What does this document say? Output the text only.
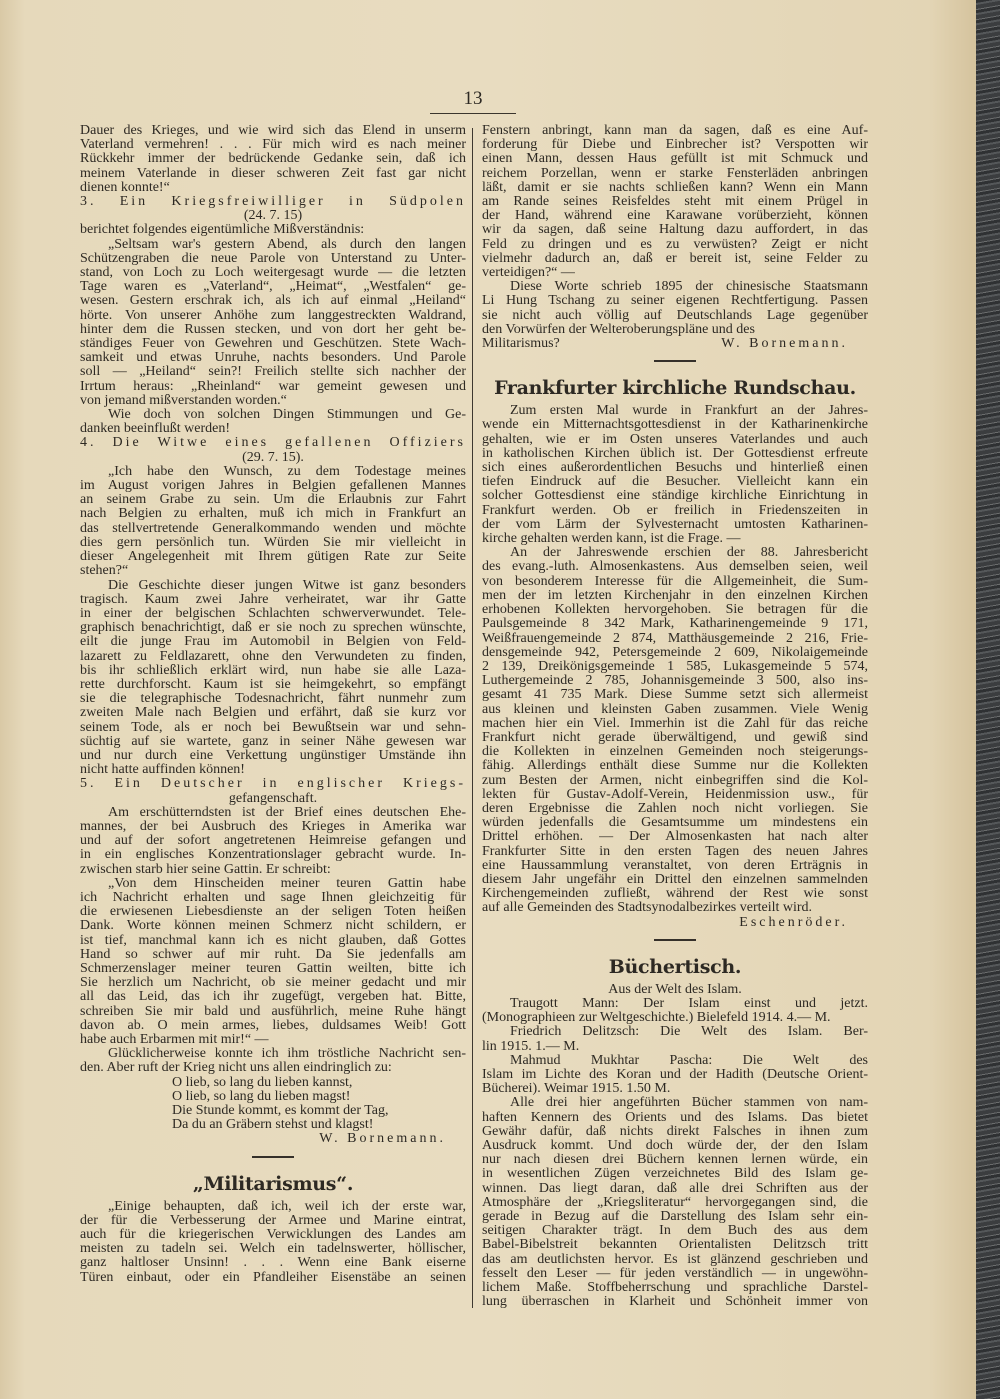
13
Dauer des Krieges, und wie wird sich das Elend in unserm
Vaterland vermehren! . . . Für mich wird es nach meiner
Rückkehr immer der bedrückende Gedanke sein, daß ich
meinem Vaterlande in dieser schweren Zeit fast gar nicht
dienen konnte!“
3. Ein Kriegsfreiwilliger in Südpolen
(24. 7. 15)
berichtet folgendes eigentümliche Mißverständnis:
„Seltsam war's gestern Abend, als durch den langen
Schützengraben die neue Parole von Unterstand zu Unter-
stand, von Loch zu Loch weitergesagt wurde — die letzten
Tage waren es „Vaterland“, „Heimat“, „Westfalen“ ge-
wesen. Gestern erschrak ich, als ich auf einmal „Heiland“
hörte. Von unserer Anhöhe zum langgestreckten Waldrand,
hinter dem die Russen stecken, und von dort her geht be-
ständiges Feuer von Gewehren und Geschützen. Stete Wach-
samkeit und etwas Unruhe, nachts besonders. Und Parole
soll — „Heiland“ sein?! Freilich stellte sich nachher der
Irrtum heraus: „Rheinland“ war gemeint gewesen und
von jemand mißverstanden worden.“
Wie doch von solchen Dingen Stimmungen und Ge-
danken beeinflußt werden!
4. Die Witwe eines gefallenen Offiziers
(29. 7. 15).
„Ich habe den Wunsch, zu dem Todestage meines
im August vorigen Jahres in Belgien gefallenen Mannes
an seinem Grabe zu sein. Um die Erlaubnis zur Fahrt
nach Belgien zu erhalten, muß ich mich in Frankfurt an
das stellvertretende Generalkommando wenden und möchte
dies gern persönlich tun. Würden Sie mir vielleicht in
dieser Angelegenheit mit Ihrem gütigen Rate zur Seite
stehen?“
Die Geschichte dieser jungen Witwe ist ganz besonders
tragisch. Kaum zwei Jahre verheiratet, war ihr Gatte
in einer der belgischen Schlachten schwerverwundet. Tele-
graphisch benachrichtigt, daß er sie noch zu sprechen wünschte,
eilt die junge Frau im Automobil in Belgien von Feld-
lazarett zu Feldlazarett, ohne den Verwundeten zu finden,
bis ihr schließlich erklärt wird, nun habe sie alle Laza-
rette durchforscht. Kaum ist sie heimgekehrt, so empfängt
sie die telegraphische Todesnachricht, fährt nunmehr zum
zweiten Male nach Belgien und erfährt, daß sie kurz vor
seinem Tode, als er noch bei Bewußtsein war und sehn-
süchtig auf sie wartete, ganz in seiner Nähe gewesen war
und nur durch eine Verkettung ungünstiger Umstände ihn
nicht hatte auffinden können!
5. Ein Deutscher in englischer Kriegs-
gefangenschaft.
Am erschütterndsten ist der Brief eines deutschen Ehe-
mannes, der bei Ausbruch des Krieges in Amerika war
und auf der sofort angetretenen Heimreise gefangen und
in ein englisches Konzentrationslager gebracht wurde. In-
zwischen starb hier seine Gattin. Er schreibt:
„Von dem Hinscheiden meiner teuren Gattin habe
ich Nachricht erhalten und sage Ihnen gleichzeitig für
die erwiesenen Liebesdienste an der seligen Toten heißen
Dank. Worte können meinen Schmerz nicht schildern, er
ist tief, manchmal kann ich es nicht glauben, daß Gottes
Hand so schwer auf mir ruht. Da Sie jedenfalls am
Schmerzenslager meiner teuren Gattin weilten, bitte ich
Sie herzlich um Nachricht, ob sie meiner gedacht und mir
all das Leid, das ich ihr zugefügt, vergeben hat. Bitte,
schreiben Sie mir bald und ausführlich, meine Ruhe hängt
davon ab. O mein armes, liebes, duldsames Weib! Gott
habe auch Erbarmen mit mir!“ —
Glücklicherweise konnte ich ihm tröstliche Nachricht sen-
den. Aber ruft der Krieg nicht uns allen eindringlich zu:
O lieb, so lang du lieben kannst,
O lieb, so lang du lieben magst!
Die Stunde kommt, es kommt der Tag,
Da du an Gräbern stehst und klagst!
W. Bornemann.
„Militarismus“.
„Einige behaupten, daß ich, weil ich der erste war,
der für die Verbesserung der Armee und Marine eintrat,
auch für die kriegerischen Verwicklungen des Landes am
meisten zu tadeln sei. Welch ein tadelnswerter, höllischer,
ganz haltloser Unsinn! . . . Wenn eine Bank eiserne
Türen einbaut, oder ein Pfandleiher Eisenstäbe an seinen
Fenstern anbringt, kann man da sagen, daß es eine Auf-
forderung für Diebe und Einbrecher ist? Verspotten wir
einen Mann, dessen Haus gefüllt ist mit Schmuck und
reichem Porzellan, wenn er starke Fensterläden anbringen
läßt, damit er sie nachts schließen kann? Wenn ein Mann
am Rande seines Reisfeldes steht mit einem Prügel in
der Hand, während eine Karawane vorüberzieht, können
wir da sagen, daß seine Haltung dazu auffordert, in das
Feld zu dringen und es zu verwüsten? Zeigt er nicht
vielmehr dadurch an, daß er bereit ist, seine Felder zu
verteidigen?“ —
Diese Worte schrieb 1895 der chinesische Staatsmann
Li Hung Tschang zu seiner eigenen Rechtfertigung. Passen
sie nicht auch völlig auf Deutschlands Lage gegenüber
den Vorwürfen der Welteroberungspläne und des
Militarismus?	W. Bornemann.
Frankfurter kirchliche Rundschau.
Zum ersten Mal wurde in Frankfurt an der Jahres-
wende ein Mitternachtsgottesdienst in der Katharinenkirche
gehalten, wie er im Osten unseres Vaterlandes und auch
in katholischen Kirchen üblich ist. Der Gottesdienst erfreute
sich eines außerordentlichen Besuchs und hinterließ einen
tiefen Eindruck auf die Besucher. Vielleicht kann ein
solcher Gottesdienst eine ständige kirchliche Einrichtung in
Frankfurt werden. Ob er freilich in Friedenszeiten in
der vom Lärm der Sylvesternacht umtosten Katharinen-
kirche gehalten werden kann, ist die Frage. —
An der Jahreswende erschien der 88. Jahresbericht
des evang.-luth. Almosenkastens. Aus demselben seien, weil
von besonderem Interesse für die Allgemeinheit, die Sum-
men der im letzten Kirchenjahr in den einzelnen Kirchen
erhobenen Kollekten hervorgehoben. Sie betragen für die
Paulsgemeinde 8 342 Mark, Katharinengemeinde 9 171,
Weißfrauengemeinde 2 874, Matthäusgemeinde 2 216, Frie-
densgemeinde 942, Petersgemeinde 2 609, Nikolaigemeinde
2 139, Dreikönigsgemeinde 1 585, Lukasgemeinde 5 574,
Luthergemeinde 2 785, Johannisgemeinde 3 500, also ins-
gesamt 41 735 Mark. Diese Summe setzt sich allermeist
aus kleinen und kleinsten Gaben zusammen. Viele Wenig
machen hier ein Viel. Immerhin ist die Zahl für das reiche
Frankfurt nicht gerade überwältigend, und gewiß sind
die Kollekten in einzelnen Gemeinden noch steigerungs-
fähig. Allerdings enthält diese Summe nur die Kollekten
zum Besten der Armen, nicht einbegriffen sind die Kol-
lekten für Gustav-Adolf-Verein, Heidenmission usw., für
deren Ergebnisse die Zahlen noch nicht vorliegen. Sie
würden jedenfalls die Gesamtsumme um mindestens ein
Drittel erhöhen. — Der Almosenkasten hat nach alter
Frankfurter Sitte in den ersten Tagen des neuen Jahres
eine Haussammlung veranstaltet, von deren Erträgnis in
diesem Jahr ungefähr ein Drittel den einzelnen sammelnden
Kirchengemeinden zufließt, während der Rest wie sonst
auf alle Gemeinden des Stadtsynodalbezirkes verteilt wird.
Eschenröder.
Büchertisch.
Aus der Welt des Islam.
Traugott Mann: Der Islam einst und jetzt.
(Monographieen zur Weltgeschichte.) Bielefeld 1914. 4.— M.
Friedrich Delitzsch: Die Welt des Islam. Ber-
lin 1915. 1.— M.
Mahmud Mukhtar Pascha: Die Welt des
Islam im Lichte des Koran und der Hadith (Deutsche Orient-
Bücherei). Weimar 1915. 1.50 M.
Alle drei hier angeführten Bücher stammen von nam-
haften Kennern des Orients und des Islams. Das bietet
Gewähr dafür, daß nichts direkt Falsches in ihnen zum
Ausdruck kommt. Und doch würde der, der den Islam
nur nach diesen drei Büchern kennen lernen würde, ein
in wesentlichen Zügen verzeichnetes Bild des Islam ge-
winnen. Das liegt daran, daß alle drei Schriften aus der
Atmosphäre der „Kriegsliteratur“ hervorgegangen sind, die
gerade in Bezug auf die Darstellung des Islam sehr ein-
seitigen Charakter trägt. In dem Buch des aus dem
Babel-Bibelstreit bekannten Orientalisten Delitzsch tritt
das am deutlichsten hervor. Es ist glänzend geschrieben und
fesselt den Leser — für jeden verständlich — in ungewöhn-
lichem Maße. Stoffbeherrschung und sprachliche Darstel-
lung überraschen in Klarheit und Schönheit immer von
